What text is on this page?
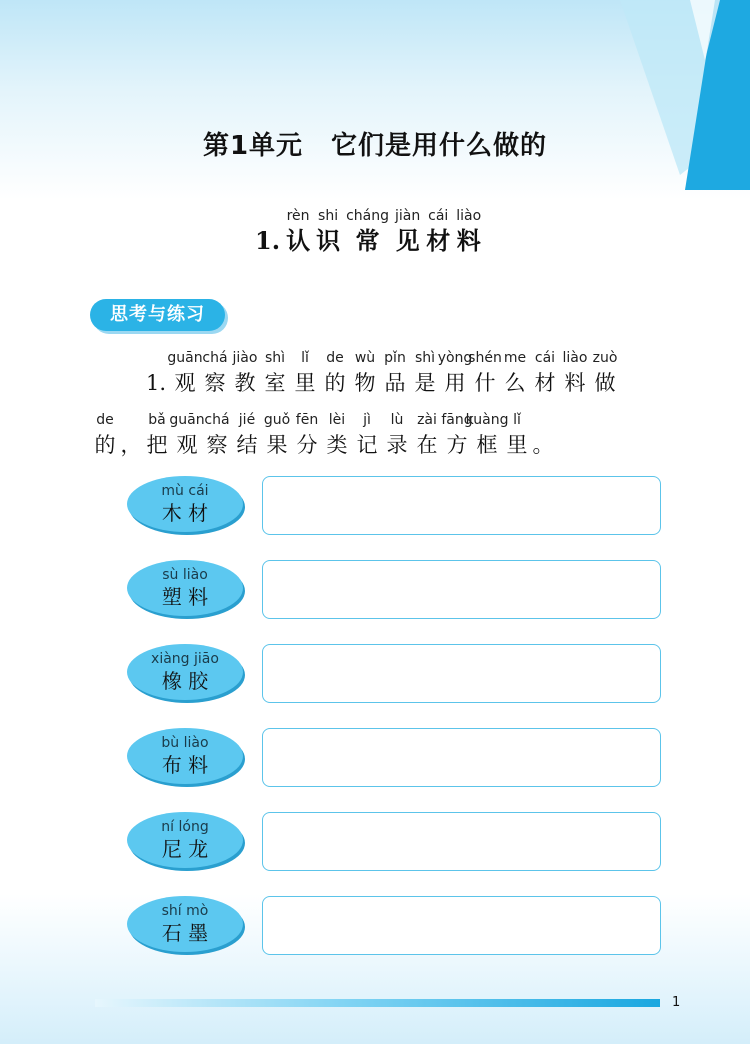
第1单元 它们是用什么做的
1.
rèn
认
shi
识
cháng
常
jiàn
见
cái
材
liào
料
思考与练习
1.
guān
观
chá
察
jiào
教
shì
室
lǐ
里
de
的
wù
物
pǐn
品
shì
是
yòng
用
shén
什
me
么
cái
材
liào
料
zuò
做
de
的 ，
bǎ
把
guān
观
chá
察
jié
结
guǒ
果
fēn
分
lèi
类
jì
记
lù
录
zài
在
fāng
方
kuàng
框
lǐ
里 。
mù cái
木 材
sù liào
塑 料
xiàng jiāo
橡 胶
bù liào
布 料
ní lóng
尼 龙
shí mò
石 墨
1
